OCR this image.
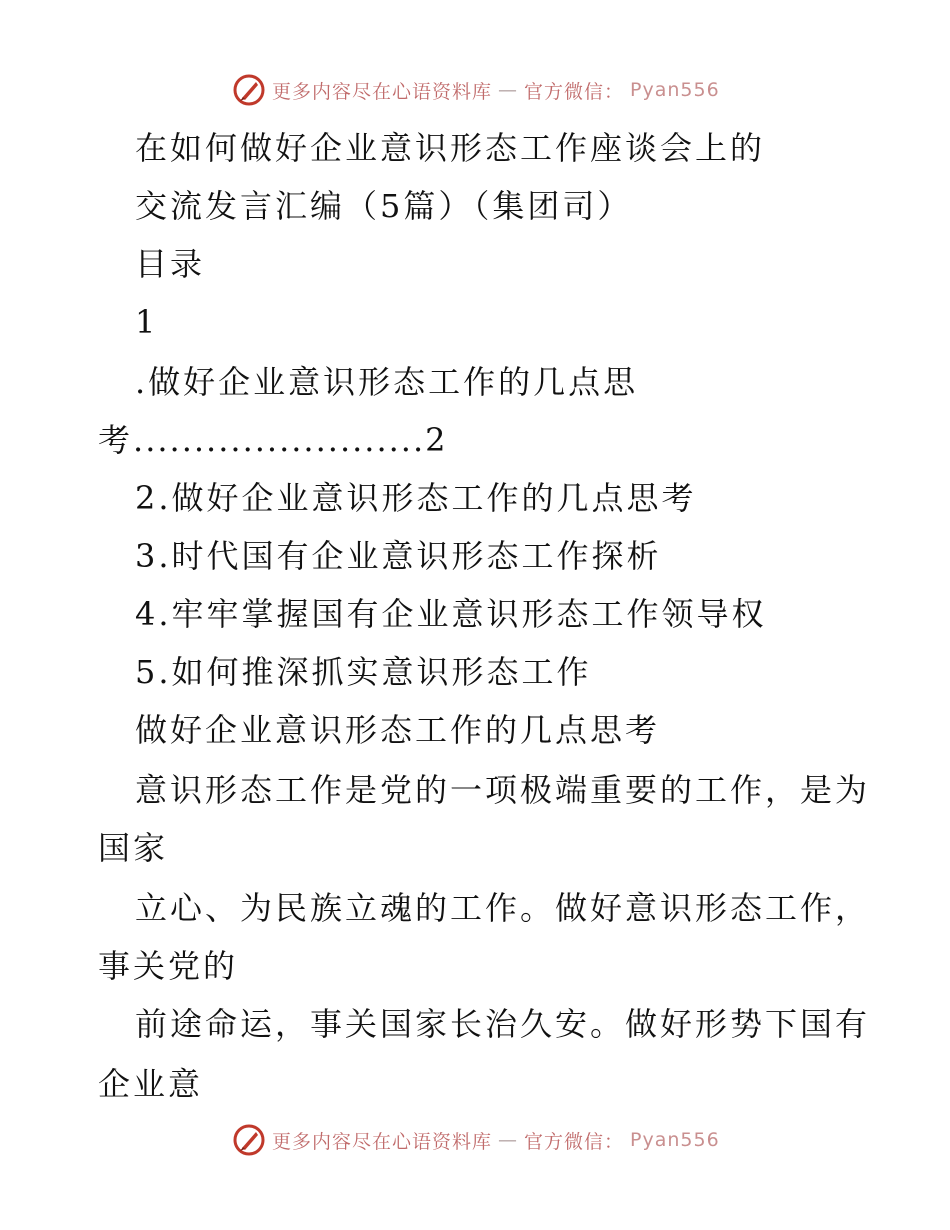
更多内容尽在心语资料库 — 官方微信： Pyan556
在如何做好企业意识形态工作座谈会上的
交流发言汇编（5篇）（集团司）
目录
1
.做好企业意识形态工作的几点思
考........................2
2.做好企业意识形态工作的几点思考
3.时代国有企业意识形态工作探析
4.牢牢掌握国有企业意识形态工作领导权
5.如何推深抓实意识形态工作
做好企业意识形态工作的几点思考
意识形态工作是党的一项极端重要的工作，是为
国家
立心、为民族立魂的工作。做好意识形态工作，
事关党的
前途命运，事关国家长治久安。做好形势下国有
企业意
更多内容尽在心语资料库 — 官方微信： Pyan556
